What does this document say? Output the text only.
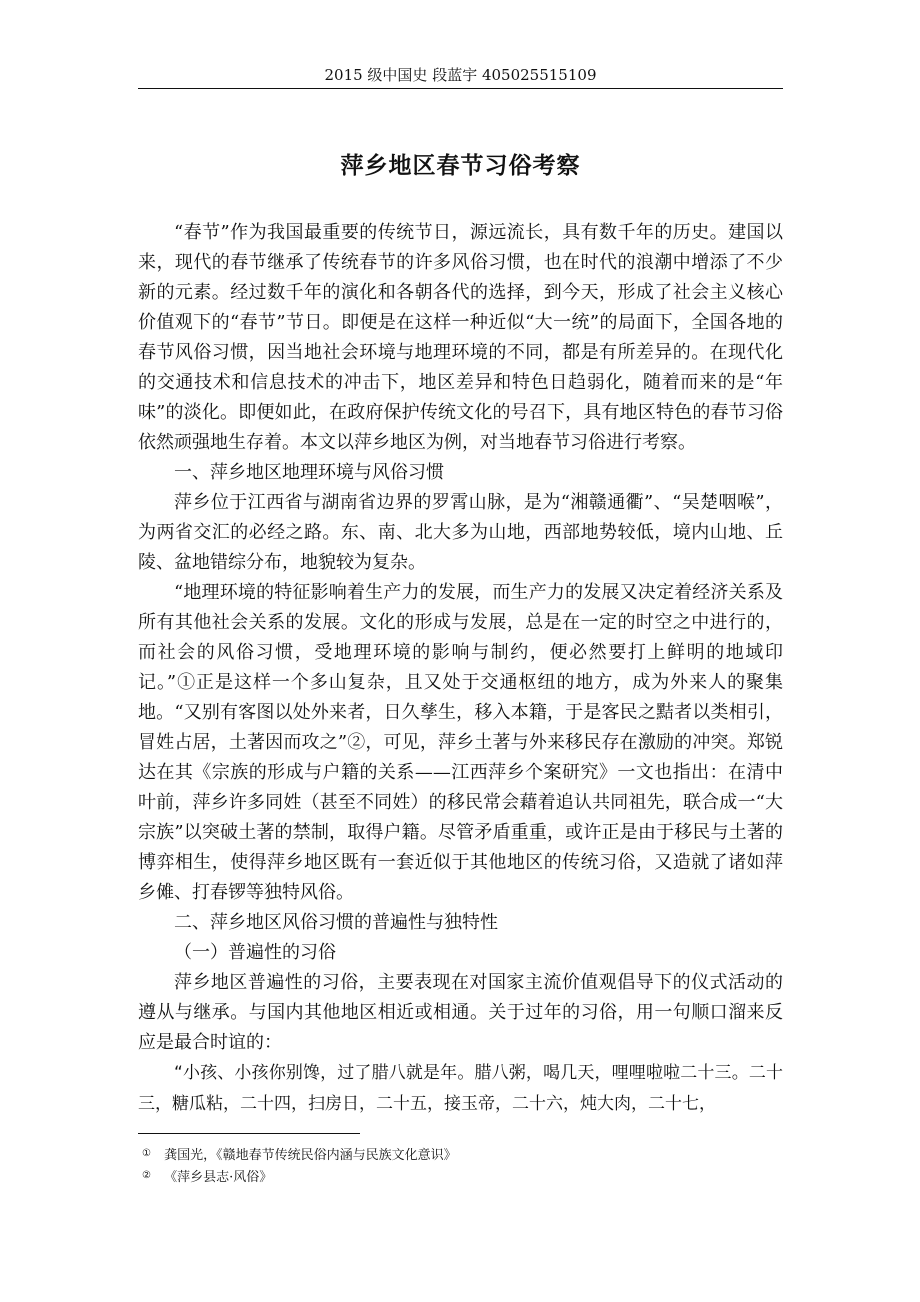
2015 级中国史 段蓝宇 405025515109
萍乡地区春节习俗考察

“春节”作为我国最重要的传统节日，源远流长，具有数千年的历史。建国以来，现代的春节继承了传统春节的许多风俗习惯，也在时代的浪潮中增添了不少新的元素。经过数千年的演化和各朝各代的选择，到今天，形成了社会主义核心价值观下的“春节”节日。即便是在这样一种近似“大一统”的局面下，全国各地的春节风俗习惯，因当地社会环境与地理环境的不同，都是有所差异的。在现代化的交通技术和信息技术的冲击下，地区差异和特色日趋弱化，随着而来的是“年味”的淡化。即便如此，在政府保护传统文化的号召下，具有地区特色的春节习俗依然顽强地生存着。本文以萍乡地区为例，对当地春节习俗进行考察。

一、萍乡地区地理环境与风俗习惯

萍乡位于江西省与湖南省边界的罗霄山脉，是为“湘赣通衢”、“吴楚咽喉”，为两省交汇的必经之路。东、南、北大多为山地，西部地势较低，境内山地、丘陵、盆地错综分布，地貌较为复杂。

“地理环境的特征影响着生产力的发展，而生产力的发展又决定着经济关系及所有其他社会关系的发展。文化的形成与发展，总是在一定的时空之中进行的，而社会的风俗习惯，受地理环境的影响与制约，便必然要打上鲜明的地域印记。”①正是这样一个多山复杂，且又处于交通枢纽的地方，成为外来人的聚集地。“又别有客图以处外来者，日久孳生，移入本籍，于是客民之黠者以类相引，冒姓占居，土著因而攻之”②，可见，萍乡土著与外来移民存在激励的冲突。郑锐达在其《宗族的形成与户籍的关系——江西萍乡个案研究》一文也指出：在清中叶前，萍乡许多同姓（甚至不同姓）的移民常会藉着追认共同祖先，联合成一“大宗族”以突破土著的禁制，取得户籍。尽管矛盾重重，或许正是由于移民与土著的博弈相生，使得萍乡地区既有一套近似于其他地区的传统习俗，又造就了诸如萍乡傩、打春锣等独特风俗。

二、萍乡地区风俗习惯的普遍性与独特性

（一）普遍性的习俗

萍乡地区普遍性的习俗，主要表现在对国家主流价值观倡导下的仪式活动的遵从与继承。与国内其他地区相近或相通。关于过年的习俗，用一句顺口溜来反应是最合时谊的：

“小孩、小孩你别馋，过了腊八就是年。腊八粥，喝几天，哩哩啦啦二十三。二十三，糖瓜粘，二十四，扫房日，二十五，接玉帝，二十六，炖大肉，二十七，

① 龚国光，《赣地春节传统民俗内涵与民族文化意识》
② 《萍乡县志·风俗》
